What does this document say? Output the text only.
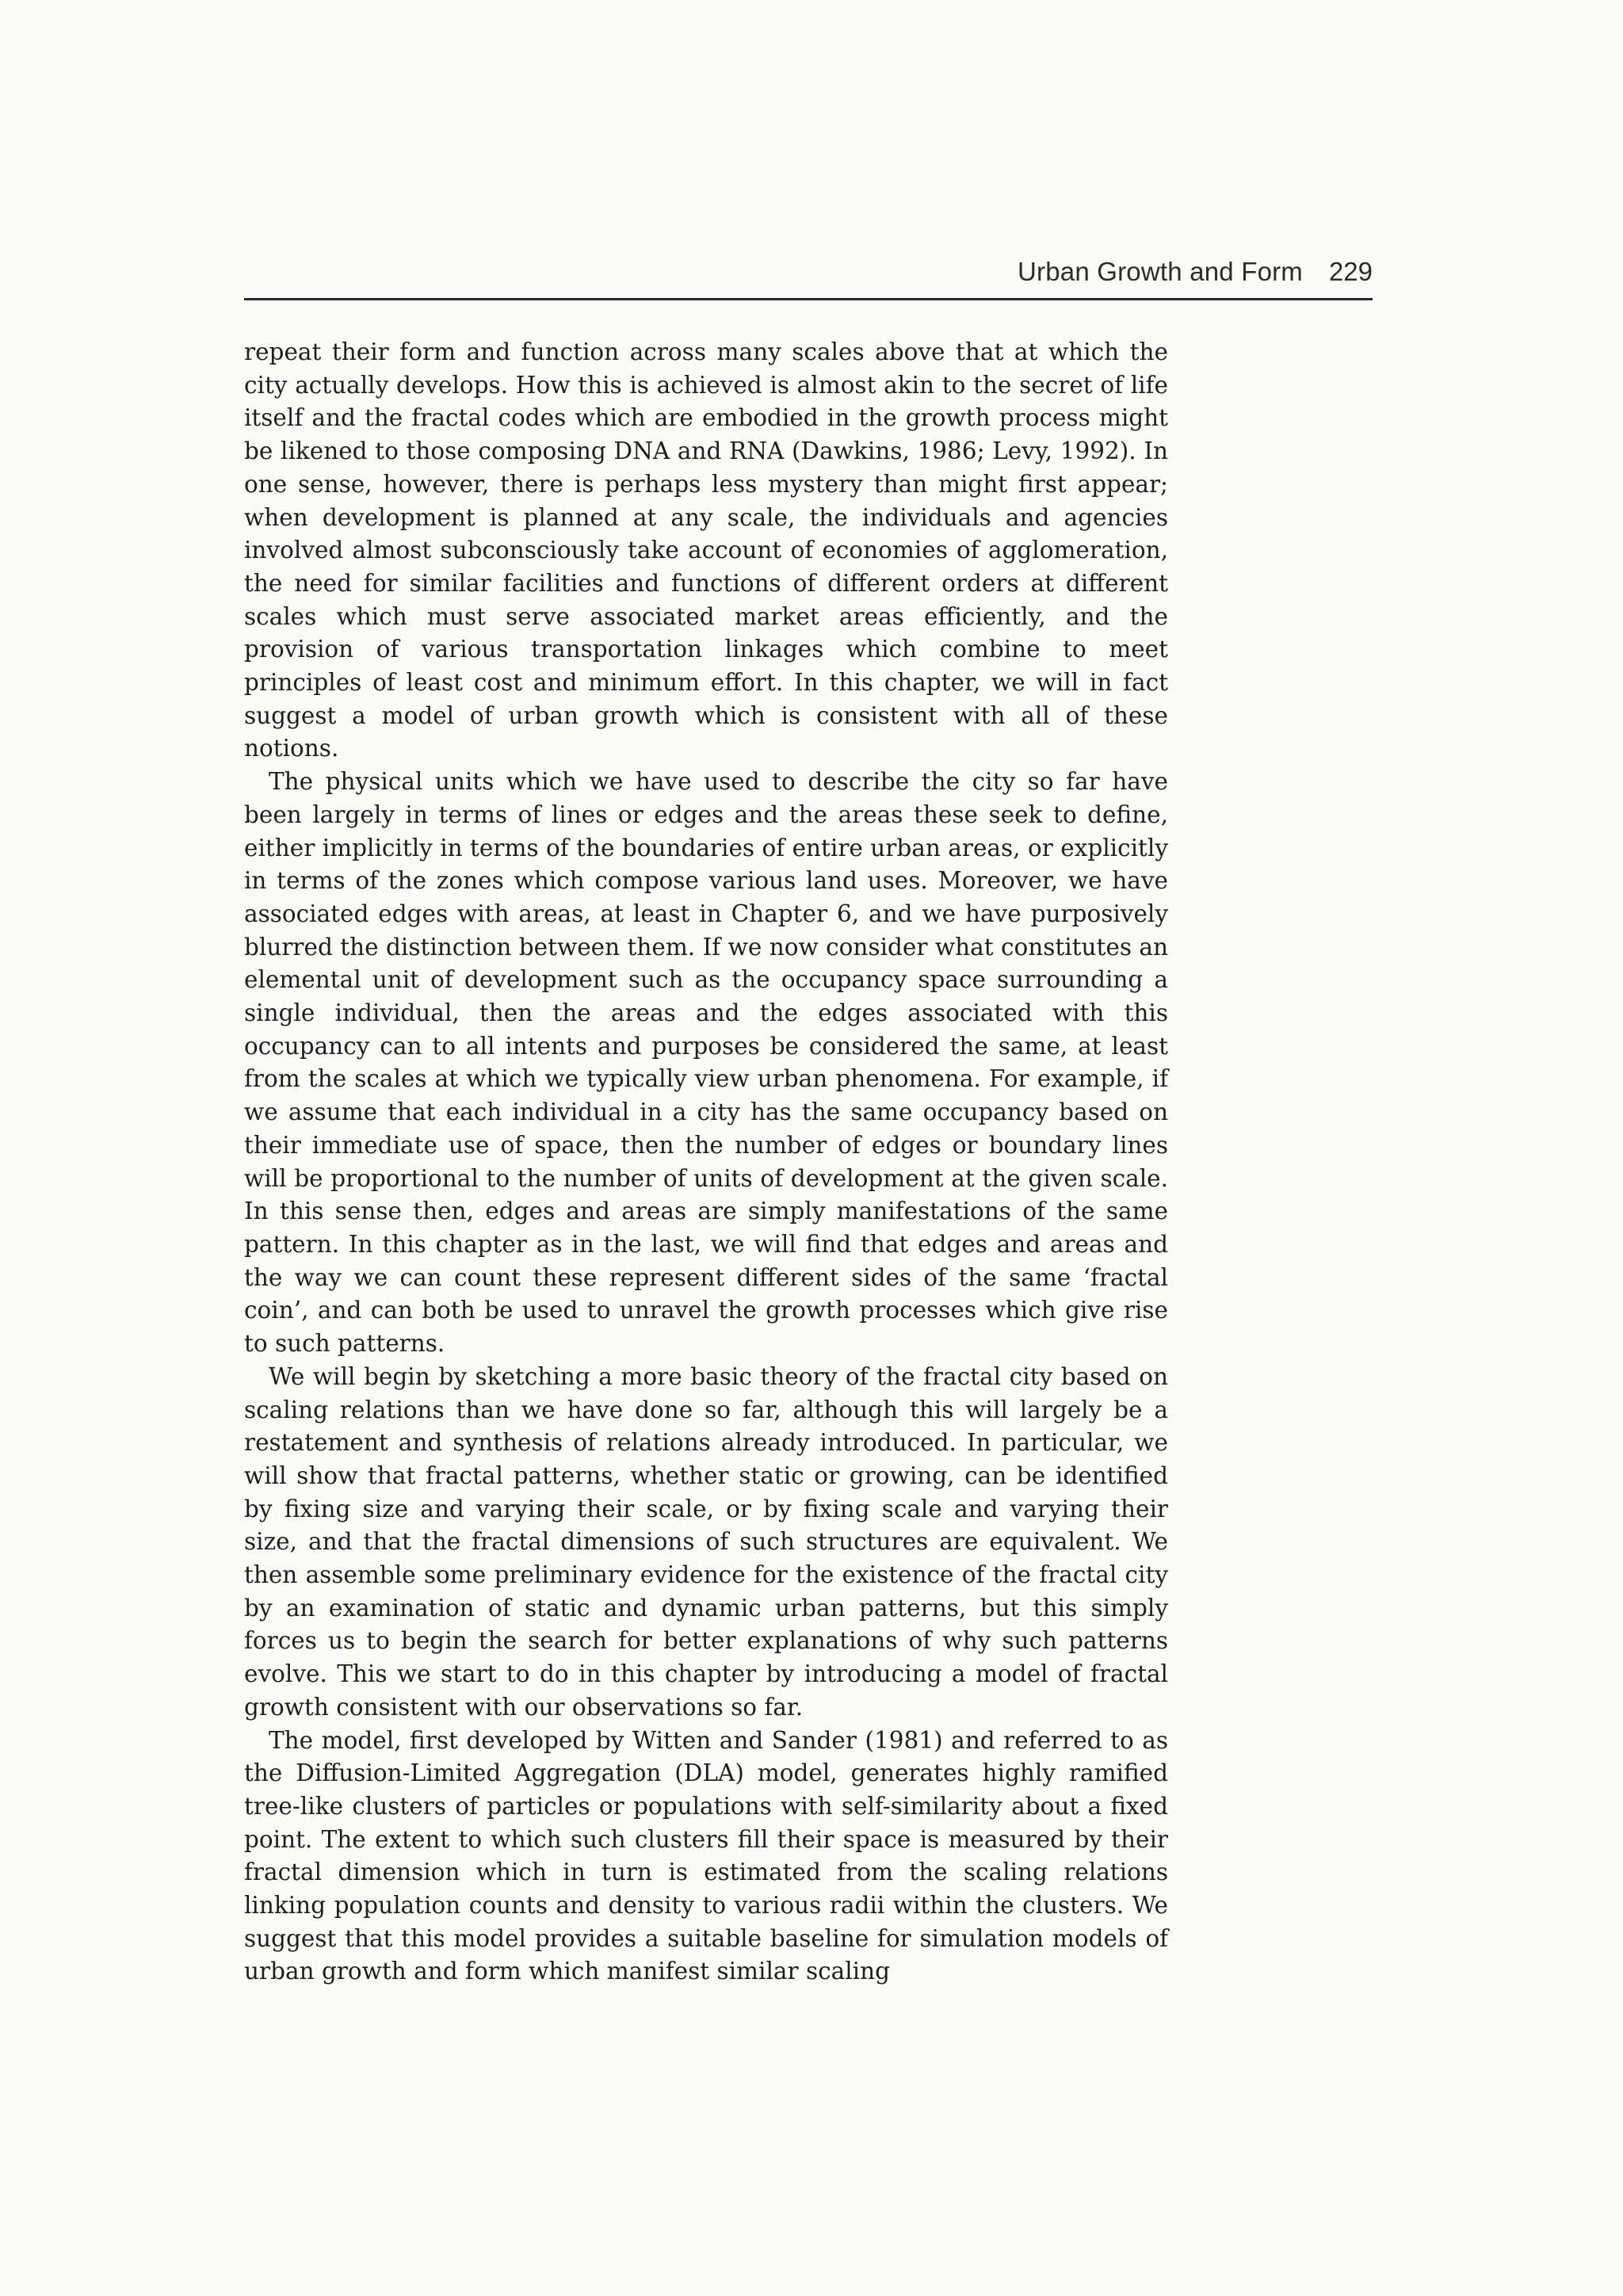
Urban Growth and Form 229

repeat their form and function across many scales above that at which the city actually develops. How this is achieved is almost akin to the secret of life itself and the fractal codes which are embodied in the growth process might be likened to those composing DNA and RNA (Dawkins, 1986; Levy, 1992). In one sense, however, there is perhaps less mystery than might first appear; when development is planned at any scale, the individuals and agencies involved almost subconsciously take account of economies of agglomeration, the need for similar facilities and functions of different orders at different scales which must serve associated market areas efficiently, and the provision of various transportation linkages which combine to meet principles of least cost and minimum effort. In this chapter, we will in fact suggest a model of urban growth which is consistent with all of these notions.

The physical units which we have used to describe the city so far have been largely in terms of lines or edges and the areas these seek to define, either implicitly in terms of the boundaries of entire urban areas, or explicitly in terms of the zones which compose various land uses. Moreover, we have associated edges with areas, at least in Chapter 6, and we have purposively blurred the distinction between them. If we now consider what constitutes an elemental unit of development such as the occupancy space surrounding a single individual, then the areas and the edges associated with this occupancy can to all intents and purposes be considered the same, at least from the scales at which we typically view urban phenomena. For example, if we assume that each individual in a city has the same occupancy based on their immediate use of space, then the number of edges or boundary lines will be proportional to the number of units of development at the given scale. In this sense then, edges and areas are simply manifestations of the same pattern. In this chapter as in the last, we will find that edges and areas and the way we can count these represent different sides of the same ‘fractal coin’, and can both be used to unravel the growth processes which give rise to such patterns.

We will begin by sketching a more basic theory of the fractal city based on scaling relations than we have done so far, although this will largely be a restatement and synthesis of relations already introduced. In particular, we will show that fractal patterns, whether static or growing, can be identified by fixing size and varying their scale, or by fixing scale and varying their size, and that the fractal dimensions of such structures are equivalent. We then assemble some preliminary evidence for the existence of the fractal city by an examination of static and dynamic urban patterns, but this simply forces us to begin the search for better explanations of why such patterns evolve. This we start to do in this chapter by introducing a model of fractal growth consistent with our observations so far.

The model, first developed by Witten and Sander (1981) and referred to as the Diffusion-Limited Aggregation (DLA) model, generates highly ramified tree-like clusters of particles or populations with self-similarity about a fixed point. The extent to which such clusters fill their space is measured by their fractal dimension which in turn is estimated from the scaling relations linking population counts and density to various radii within the clusters. We suggest that this model provides a suitable baseline for simulation models of urban growth and form which manifest similar scaling
